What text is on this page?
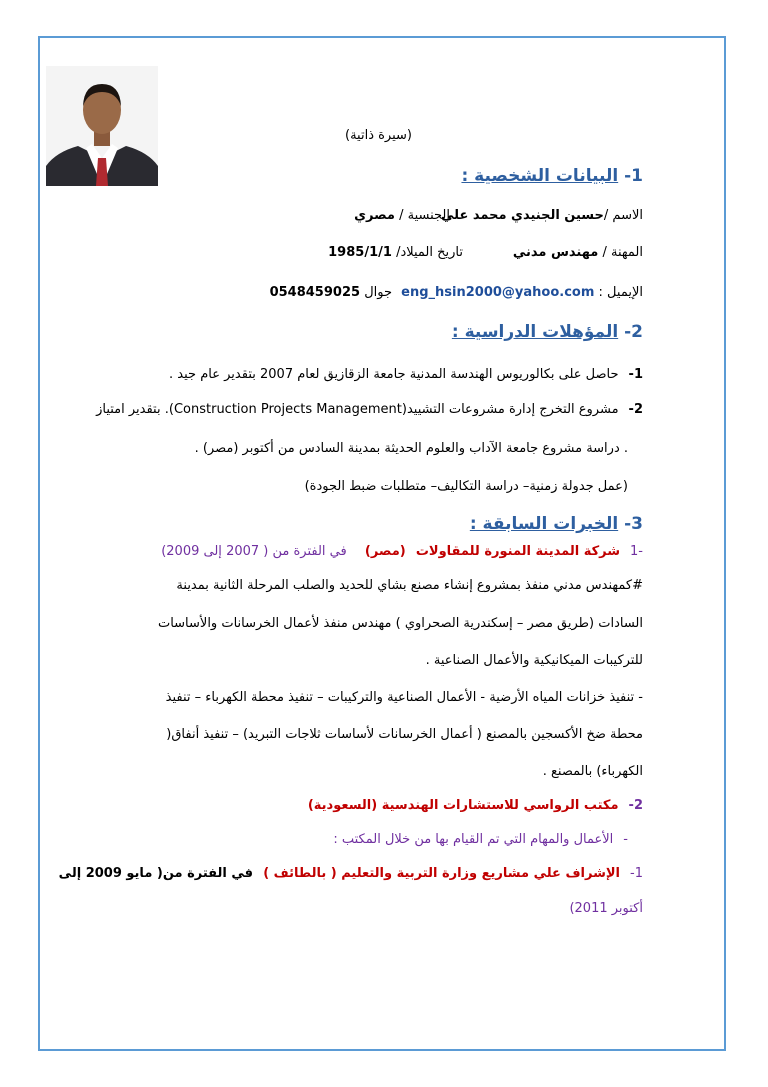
(سيرة ذاتية)
1- البيانات الشخصية :
الاسم /حسين الجنيدي محمد علي
الجنسية / مصري
المهنة / مهندس مدني
تاريخ الميلاد/ 1985/1/1
الإيميل : eng_hsin2000@yahoo.com
جوال 0548459025
2- المؤهلات الدراسية :
1-حاصل على بكالوريوس الهندسة المدنية جامعة الزقازيق لعام 2007 بتقدير عام جيد .
2-مشروع التخرج إدارة مشروعات التشييد(Construction Projects Management). بتقدير امتياز
. دراسة مشروع جامعة الآداب والعلوم الحديثة بمدينة السادس من أكتوبر (مصر) .
(عمل جدولة زمنية– دراسة التكاليف– متطلبات ضبط الجودة)
3- الخبرات السابقة :
-1شركة المدينة المنورة للمقاولات (مصر) في الفترة من ( 2007 إلى 2009)
#كمهندس مدني منفذ بمشروع إنشاء مصنع بشاي للحديد والصلب المرحلة الثانية بمدينة
السادات (طريق مصر – إسكندرية الصحراوي ) مهندس منفذ لأعمال الخرسانات والأساسات
للتركيبات الميكانيكية والأعمال الصناعية .
- تنفيذ خزانات المياه الأرضية - الأعمال الصناعية والتركيبات – تنفيذ محطة الكهرباء – تنفيذ
محطة ضخ الأكسجين بالمصنع ( أعمال الخرسانات لأساسات ثلاجات التبريد) – تنفيذ أنفاق(
الكهرباء) بالمصنع .
2-مكتب الرواسي للاستشارات الهندسية (السعودية)
-الأعمال والمهام التي تم القيام بها من خلال المكتب :
1-الإشراف علي مشاريع وزارة التربية والتعليم ( بالطائف ) في الفترة من( مايو 2009 إلى
أكتوبر 2011)
